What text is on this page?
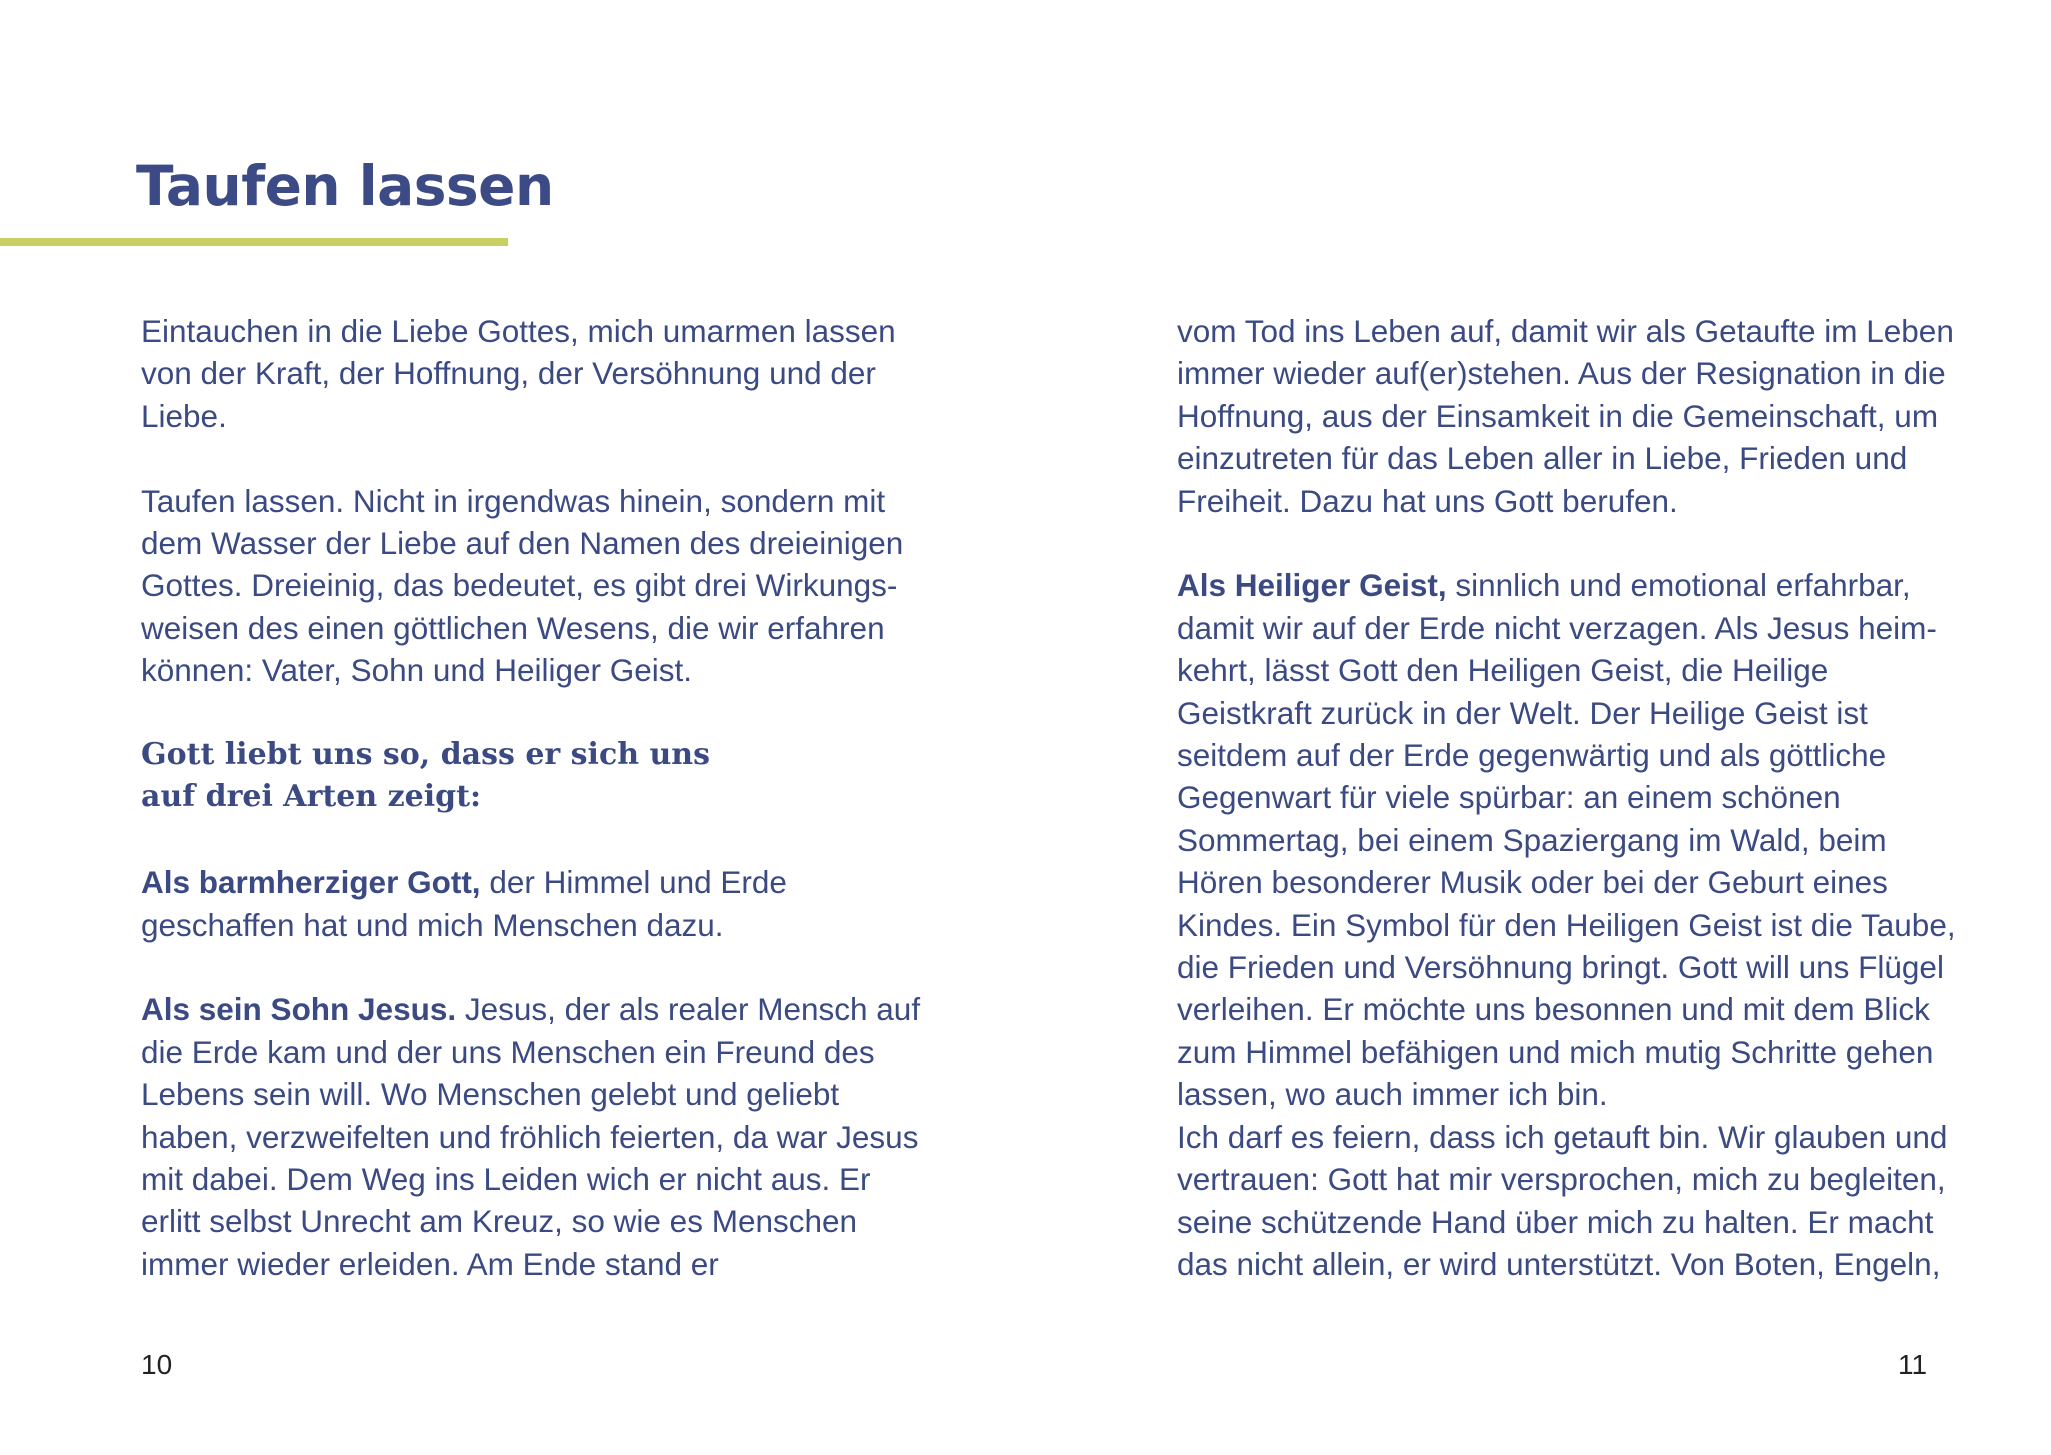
Taufen lassen

Eintauchen in die Liebe Gottes, mich umarmen lassen von der Kraft, der Hoffnung, der Versöhnung und der Liebe.

Taufen lassen. Nicht in irgendwas hinein, sondern mit dem Wasser der Liebe auf den Namen des dreieinigen Gottes. Dreieinig, das bedeutet, es gibt drei Wirkungs-weisen des einen göttlichen Wesens, die wir erfahren können: Vater, Sohn und Heiliger Geist.

Gott liebt uns so, dass er sich uns
auf drei Arten zeigt:

Als barmherziger Gott, der Himmel und Erde geschaffen hat und mich Menschen dazu.

Als sein Sohn Jesus. Jesus, der als realer Mensch auf die Erde kam und der uns Menschen ein Freund des Lebens sein will. Wo Menschen gelebt und geliebt haben, verzweifelten und fröhlich feierten, da war Jesus mit dabei. Dem Weg ins Leiden wich er nicht aus. Er erlitt selbst Unrecht am Kreuz, so wie es Menschen immer wieder erleiden. Am Ende stand er

vom Tod ins Leben auf, damit wir als Getaufte im Leben immer wieder auf(er)stehen. Aus der Resignation in die Hoffnung, aus der Einsamkeit in die Gemeinschaft, um einzutreten für das Leben aller in Liebe, Frieden und Freiheit. Dazu hat uns Gott berufen.

Als Heiliger Geist, sinnlich und emotional erfahrbar, damit wir auf der Erde nicht verzagen. Als Jesus heim-kehrt, lässt Gott den Heiligen Geist, die Heilige Geistkraft zurück in der Welt. Der Heilige Geist ist seitdem auf der Erde gegenwärtig und als göttliche Gegenwart für viele spürbar: an einem schönen Sommertag, bei einem Spaziergang im Wald, beim Hören besonderer Musik oder bei der Geburt eines Kindes. Ein Symbol für den Heiligen Geist ist die Taube, die Frieden und Versöhnung bringt. Gott will uns Flügel verleihen. Er möchte uns besonnen und mit dem Blick zum Himmel befähigen und mich mutig Schritte gehen lassen, wo auch immer ich bin.

Ich darf es feiern, dass ich getauft bin. Wir glauben und vertrauen: Gott hat mir versprochen, mich zu begleiten, seine schützende Hand über mich zu halten. Er macht das nicht allein, er wird unterstützt. Von Boten, Engeln,

10	11
